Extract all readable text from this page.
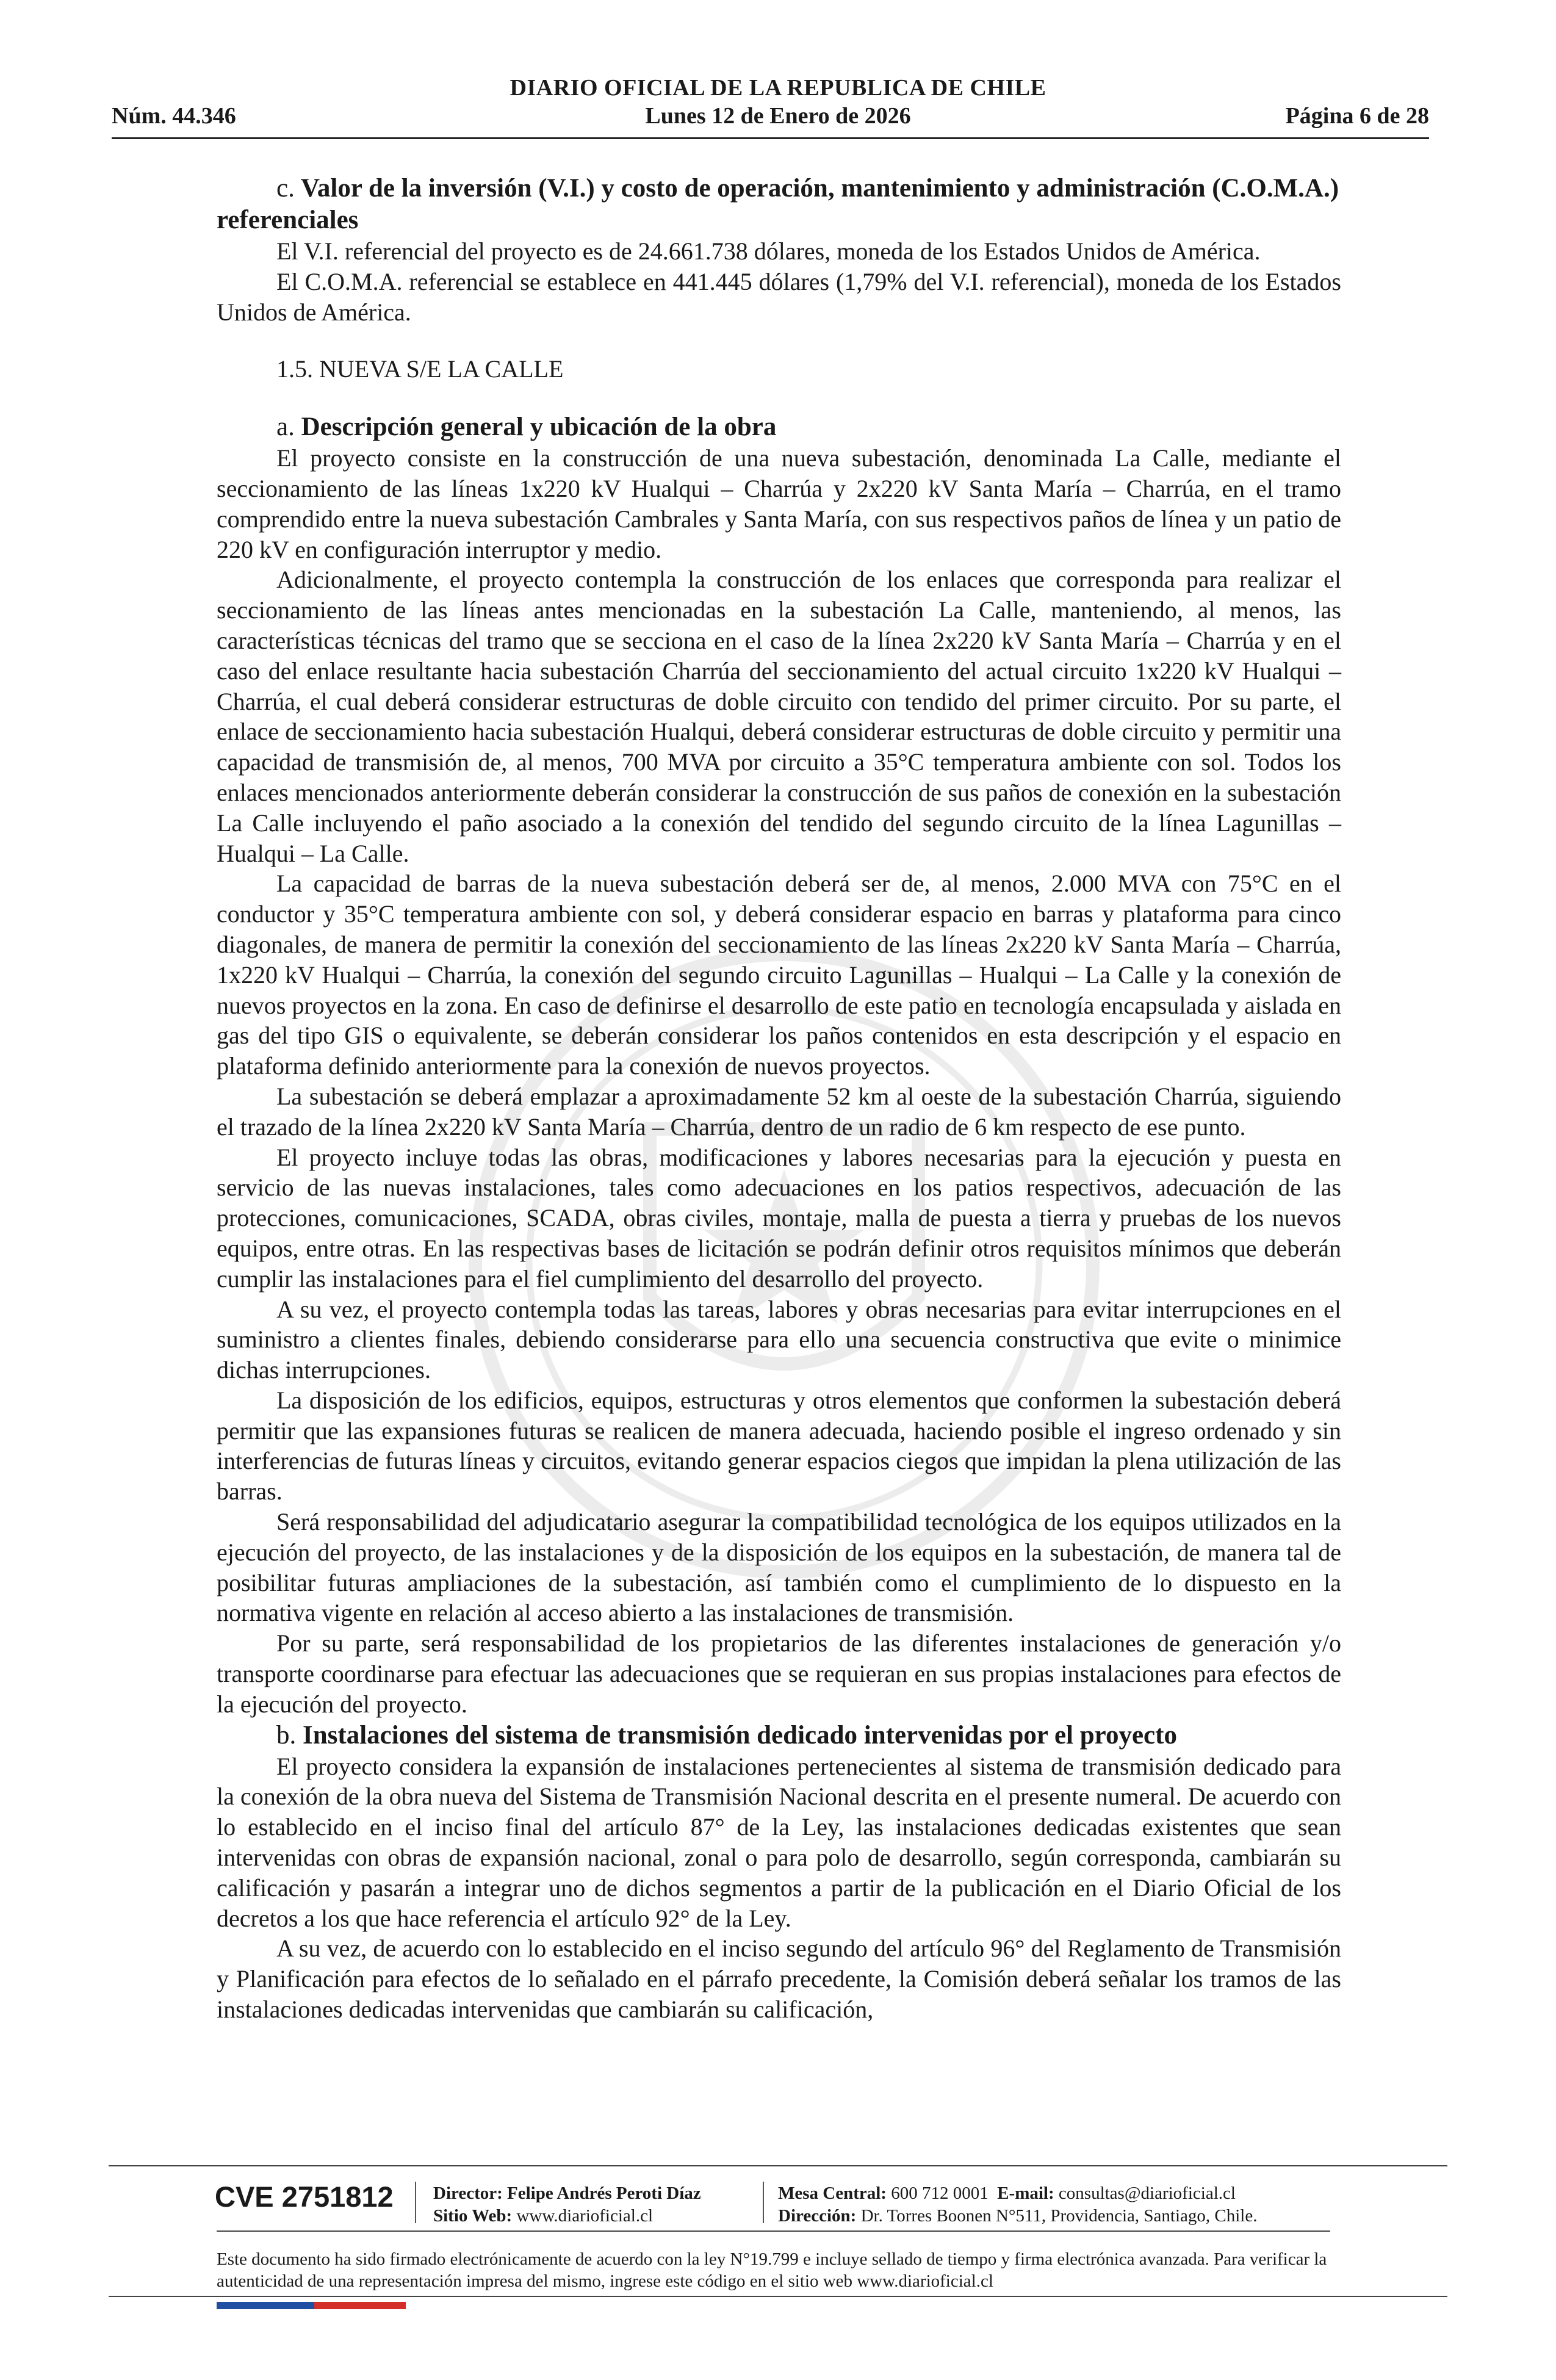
DIARIO OFICIAL DE LA REPUBLICA DE CHILE
Núm. 44.346	Lunes 12 de Enero de 2026	Página 6 de 28
c. Valor de la inversión (V.I.) y costo de operación, mantenimiento y administración (C.O.M.A.) referenciales

El V.I. referencial del proyecto es de 24.661.738 dólares, moneda de los Estados Unidos de América.

El C.O.M.A. referencial se establece en 441.445 dólares (1,79% del V.I. referencial), moneda de los Estados Unidos de América.

1.5. NUEVA S/E LA CALLE

a. Descripción general y ubicación de la obra

El proyecto consiste en la construcción de una nueva subestación, denominada La Calle, mediante el seccionamiento de las líneas 1x220 kV Hualqui – Charrúa y 2x220 kV Santa María – Charrúa, en el tramo comprendido entre la nueva subestación Cambrales y Santa María, con sus respectivos paños de línea y un patio de 220 kV en configuración interruptor y medio.

Adicionalmente, el proyecto contempla la construcción de los enlaces que corresponda para realizar el seccionamiento de las líneas antes mencionadas en la subestación La Calle, manteniendo, al menos, las características técnicas del tramo que se secciona en el caso de la línea 2x220 kV Santa María – Charrúa y en el caso del enlace resultante hacia subestación Charrúa del seccionamiento del actual circuito 1x220 kV Hualqui – Charrúa, el cual deberá considerar estructuras de doble circuito con tendido del primer circuito. Por su parte, el enlace de seccionamiento hacia subestación Hualqui, deberá considerar estructuras de doble circuito y permitir una capacidad de transmisión de, al menos, 700 MVA por circuito a 35°C temperatura ambiente con sol. Todos los enlaces mencionados anteriormente deberán considerar la construcción de sus paños de conexión en la subestación La Calle incluyendo el paño asociado a la conexión del tendido del segundo circuito de la línea Lagunillas – Hualqui – La Calle.

La capacidad de barras de la nueva subestación deberá ser de, al menos, 2.000 MVA con 75°C en el conductor y 35°C temperatura ambiente con sol, y deberá considerar espacio en barras y plataforma para cinco diagonales, de manera de permitir la conexión del seccionamiento de las líneas 2x220 kV Santa María – Charrúa, 1x220 kV Hualqui – Charrúa, la conexión del segundo circuito Lagunillas – Hualqui – La Calle y la conexión de nuevos proyectos en la zona. En caso de definirse el desarrollo de este patio en tecnología encapsulada y aislada en gas del tipo GIS o equivalente, se deberán considerar los paños contenidos en esta descripción y el espacio en plataforma definido anteriormente para la conexión de nuevos proyectos.

La subestación se deberá emplazar a aproximadamente 52 km al oeste de la subestación Charrúa, siguiendo el trazado de la línea 2x220 kV Santa María – Charrúa, dentro de un radio de 6 km respecto de ese punto.

El proyecto incluye todas las obras, modificaciones y labores necesarias para la ejecución y puesta en servicio de las nuevas instalaciones, tales como adecuaciones en los patios respectivos, adecuación de las protecciones, comunicaciones, SCADA, obras civiles, montaje, malla de puesta a tierra y pruebas de los nuevos equipos, entre otras. En las respectivas bases de licitación se podrán definir otros requisitos mínimos que deberán cumplir las instalaciones para el fiel cumplimiento del desarrollo del proyecto.

A su vez, el proyecto contempla todas las tareas, labores y obras necesarias para evitar interrupciones en el suministro a clientes finales, debiendo considerarse para ello una secuencia constructiva que evite o minimice dichas interrupciones.

La disposición de los edificios, equipos, estructuras y otros elementos que conformen la subestación deberá permitir que las expansiones futuras se realicen de manera adecuada, haciendo posible el ingreso ordenado y sin interferencias de futuras líneas y circuitos, evitando generar espacios ciegos que impidan la plena utilización de las barras.

Será responsabilidad del adjudicatario asegurar la compatibilidad tecnológica de los equipos utilizados en la ejecución del proyecto, de las instalaciones y de la disposición de los equipos en la subestación, de manera tal de posibilitar futuras ampliaciones de la subestación, así también como el cumplimiento de lo dispuesto en la normativa vigente en relación al acceso abierto a las instalaciones de transmisión.

Por su parte, será responsabilidad de los propietarios de las diferentes instalaciones de generación y/o transporte coordinarse para efectuar las adecuaciones que se requieran en sus propias instalaciones para efectos de la ejecución del proyecto.

b. Instalaciones del sistema de transmisión dedicado intervenidas por el proyecto

El proyecto considera la expansión de instalaciones pertenecientes al sistema de transmisión dedicado para la conexión de la obra nueva del Sistema de Transmisión Nacional descrita en el presente numeral. De acuerdo con lo establecido en el inciso final del artículo 87° de la Ley, las instalaciones dedicadas existentes que sean intervenidas con obras de expansión nacional, zonal o para polo de desarrollo, según corresponda, cambiarán su calificación y pasarán a integrar uno de dichos segmentos a partir de la publicación en el Diario Oficial de los decretos a los que hace referencia el artículo 92° de la Ley.

A su vez, de acuerdo con lo establecido en el inciso segundo del artículo 96° del Reglamento de Transmisión y Planificación para efectos de lo señalado en el párrafo precedente, la Comisión deberá señalar los tramos de las instalaciones dedicadas intervenidas que cambiarán su calificación,

CVE 2751812 Director: Felipe Andrés Peroti Díaz
Sitio Web: www.diarioficial.cl
Mesa Central: 600 712 0001 E-mail: consultas@diarioficial.cl
Dirección: Dr. Torres Boonen N°511, Providencia, Santiago, Chile.
Este documento ha sido firmado electrónicamente de acuerdo con la ley N°19.799 e incluye sellado de tiempo y firma electrónica avanzada. Para verificar la autenticidad de una representación impresa del mismo, ingrese este código en el sitio web www.diarioficial.cl
